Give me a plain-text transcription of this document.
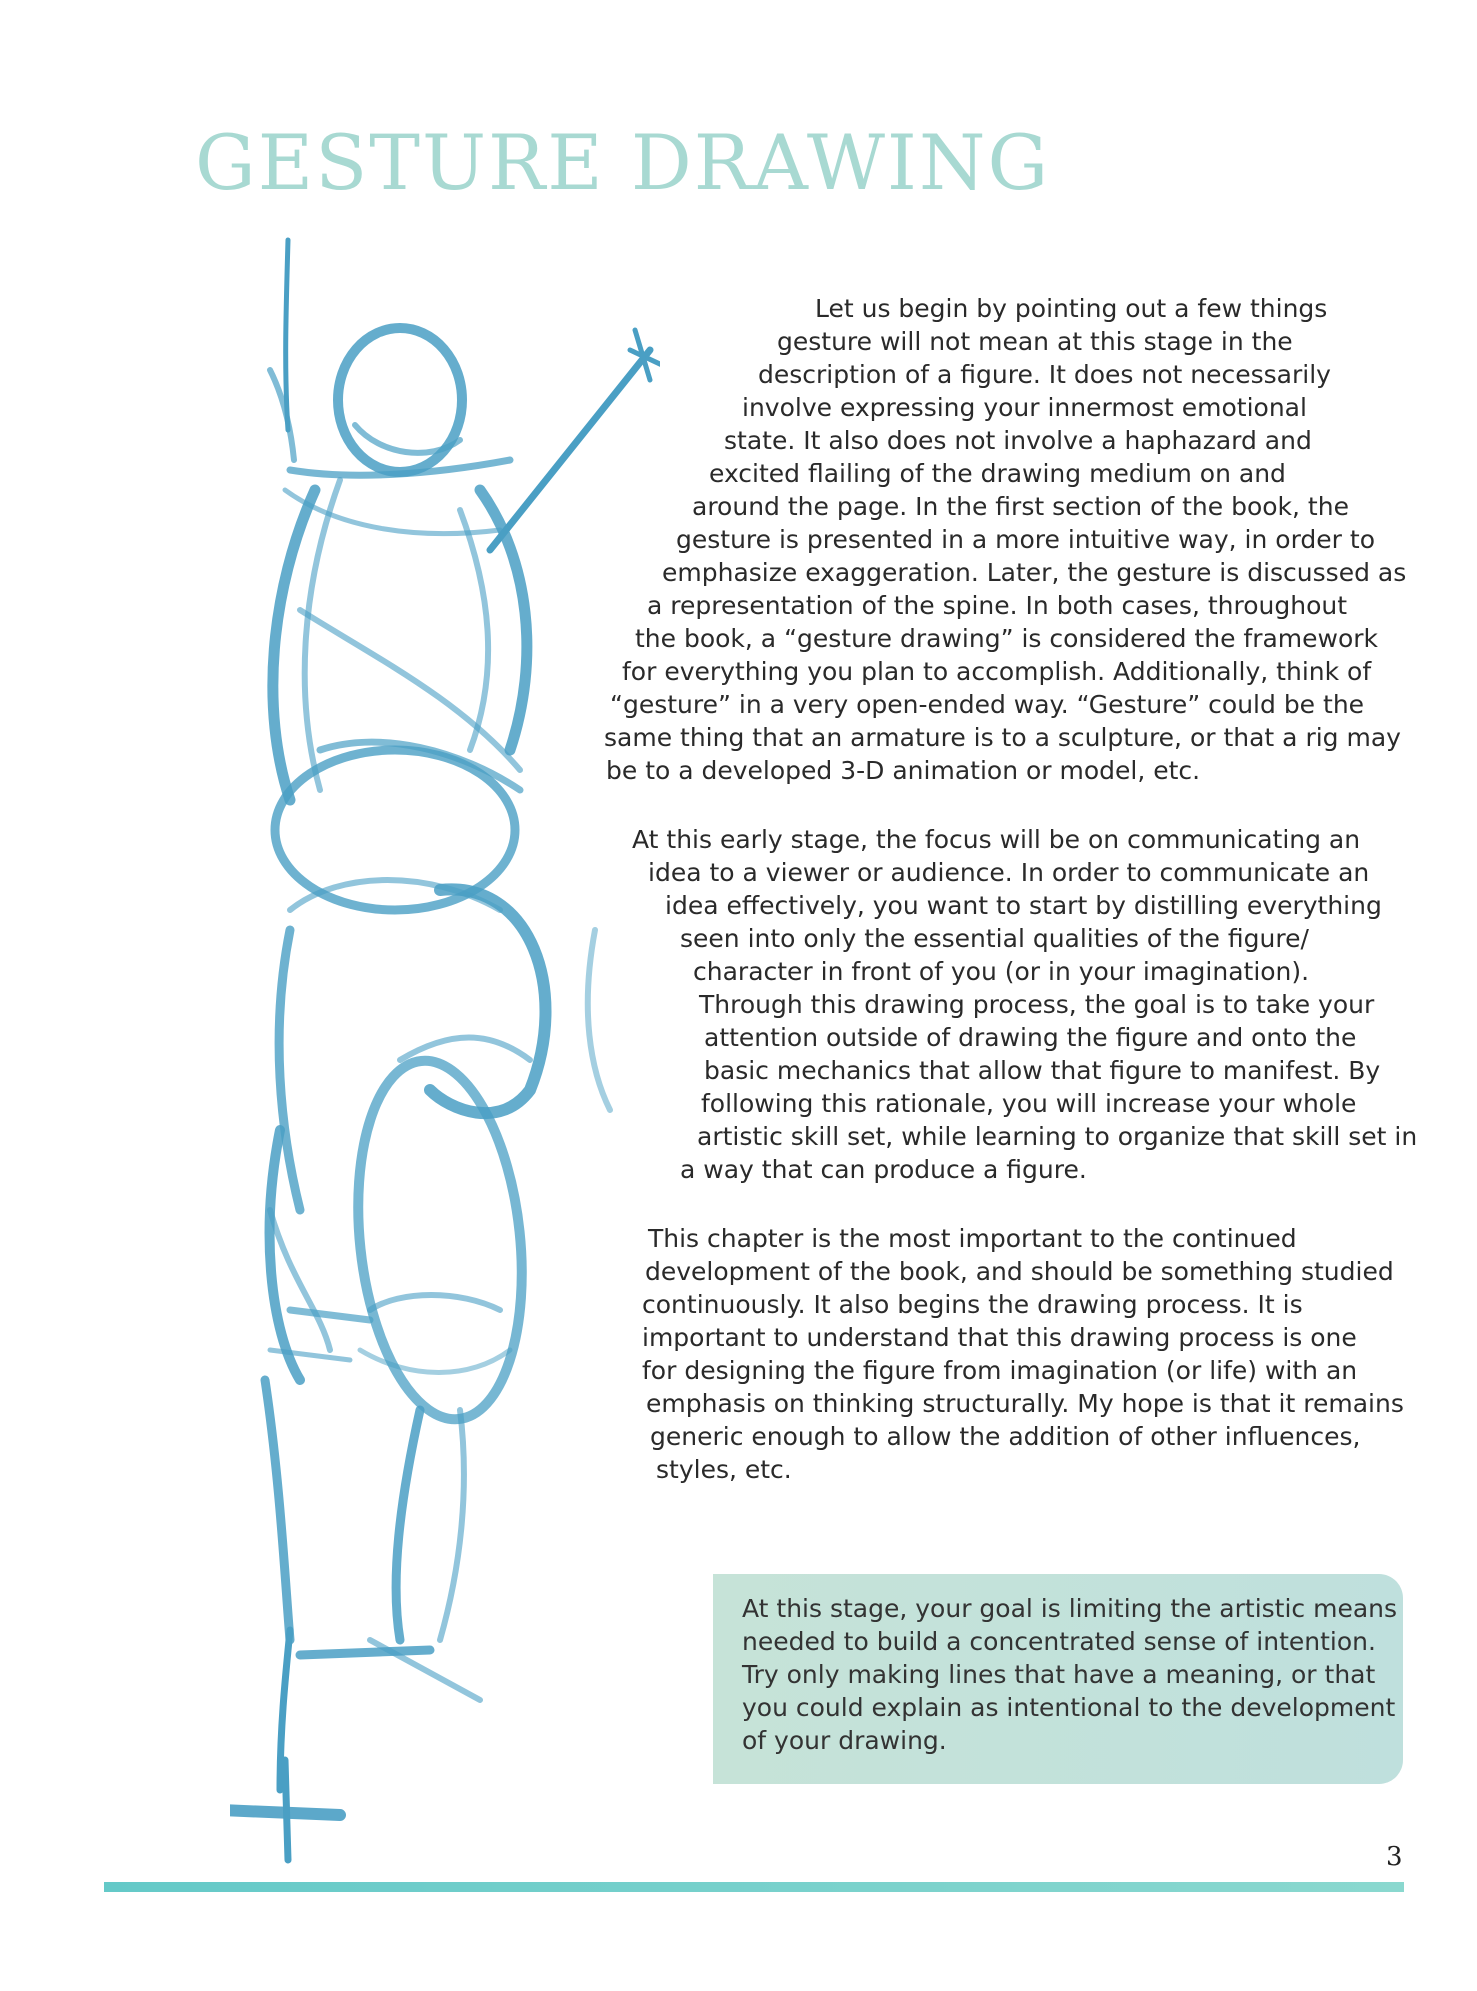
GESTURE DRAWING
Let us begin by pointing out a few things
gesture will not mean at this stage in the
description of a figure. It does not necessarily
involve expressing your innermost emotional
state. It also does not involve a haphazard and
excited flailing of the drawing medium on and
around the page. In the first section of the book, the
gesture is presented in a more intuitive way, in order to
emphasize exaggeration. Later, the gesture is discussed as
a representation of the spine. In both cases, throughout
the book, a “gesture drawing” is considered the framework
for everything you plan to accomplish. Additionally, think of
“gesture” in a very open-ended way. “Gesture” could be the
same thing that an armature is to a sculpture, or that a rig may
be to a developed 3-D animation or model, etc.
At this early stage, the focus will be on communicating an
idea to a viewer or audience. In order to communicate an
idea effectively, you want to start by distilling everything
seen into only the essential qualities of the figure/
character in front of you (or in your imagination).
Through this drawing process, the goal is to take your
attention outside of drawing the figure and onto the
basic mechanics that allow that figure to manifest. By
following this rationale, you will increase your whole
artistic skill set, while learning to organize that skill set in
a way that can produce a figure.
This chapter is the most important to the continued
development of the book, and should be something studied
continuously. It also begins the drawing process. It is
important to understand that this drawing process is one
for designing the figure from imagination (or life) with an
emphasis on thinking structurally. My hope is that it remains
generic enough to allow the addition of other influences,
styles, etc.
At this stage, your goal is limiting the artistic means
needed to build a concentrated sense of intention.
Try only making lines that have a meaning, or that
you could explain as intentional to the development
of your drawing.
3
